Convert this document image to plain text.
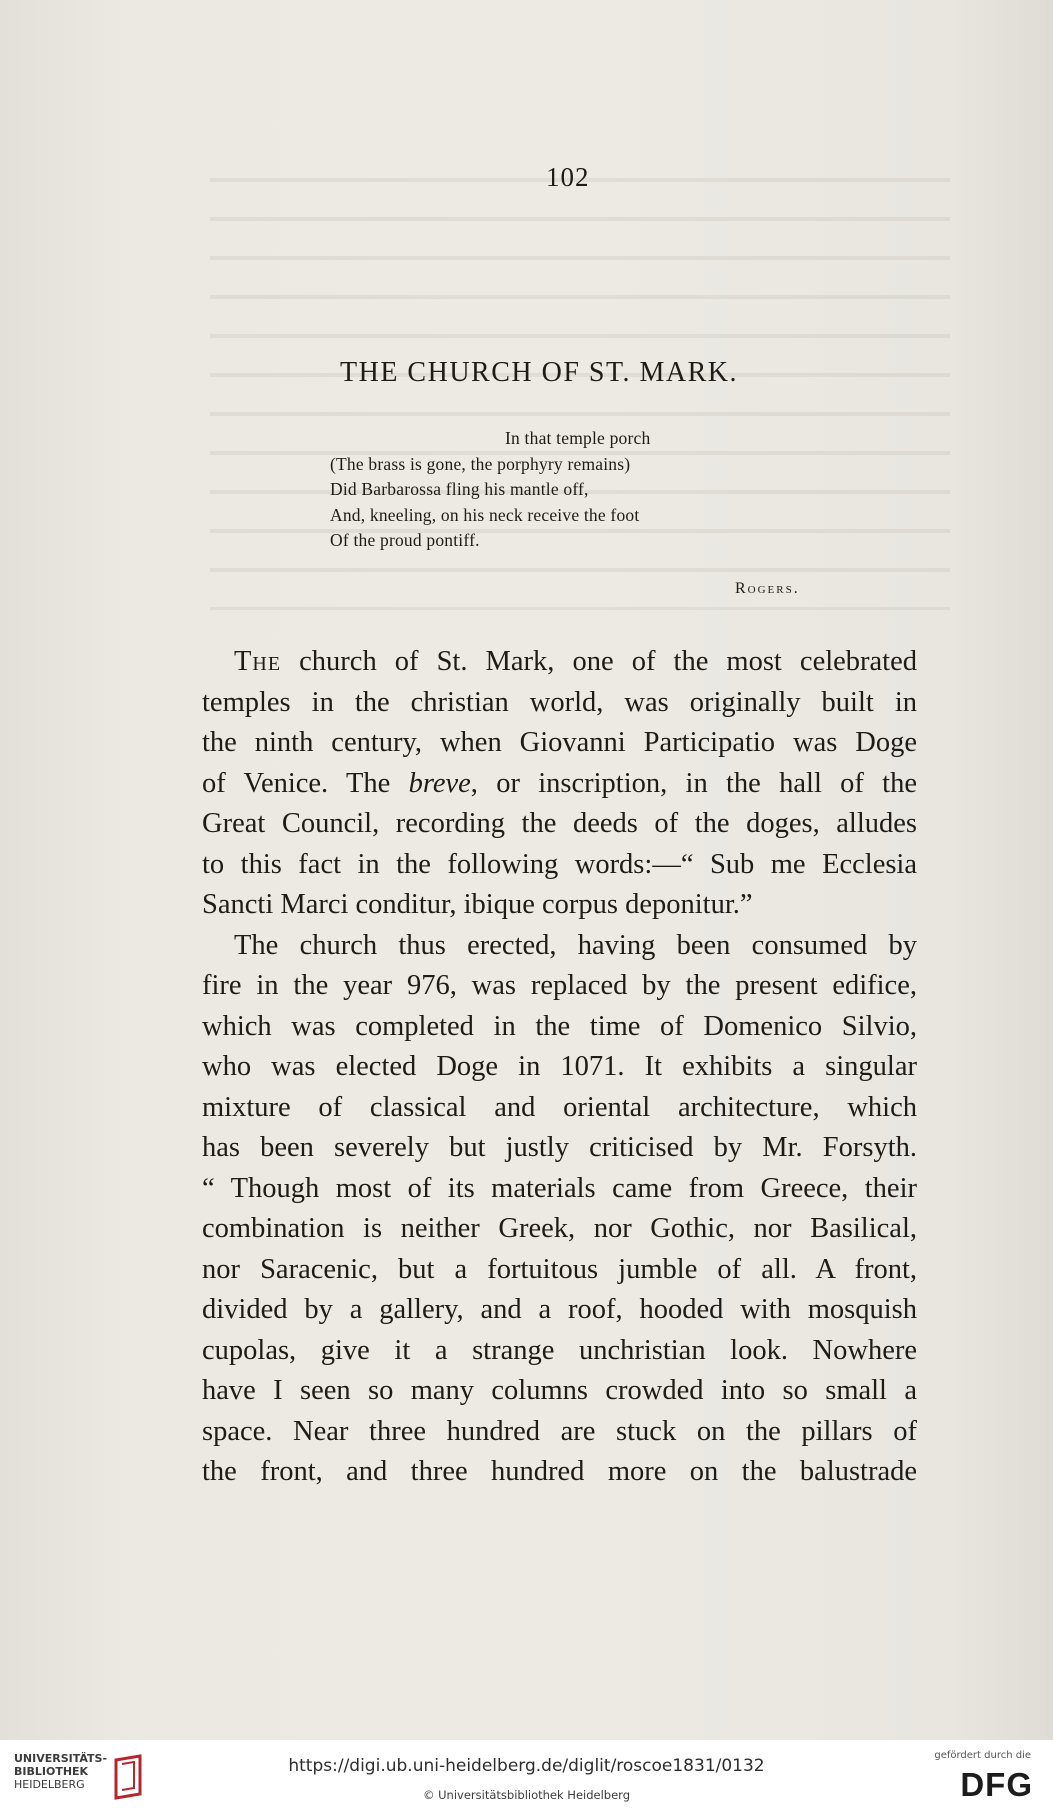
102
THE CHURCH OF ST. MARK.
In that temple porch
(The brass is gone, the porphyry remains)
Did Barbarossa fling his mantle off,
And, kneeling, on his neck receive the foot
Of the proud pontiff.
Rogers.
The church of St. Mark, one of the most celebrated
temples in the christian world, was originally built in
the ninth century, when Giovanni Participatio was Doge
of Venice. The breve, or inscription, in the hall of the
Great Council, recording the deeds of the doges, alludes
to this fact in the following words:—“ Sub me Ecclesia
Sancti Marci conditur, ibique corpus deponitur.”
The church thus erected, having been consumed by
fire in the year 976, was replaced by the present edifice,
which was completed in the time of Domenico Silvio,
who was elected Doge in 1071. It exhibits a singular
mixture of classical and oriental architecture, which
has been severely but justly criticised by Mr. Forsyth.
“ Though most of its materials came from Greece, their
combination is neither Greek, nor Gothic, nor Basilical,
nor Saracenic, but a fortuitous jumble of all. A front,
divided by a gallery, and a roof, hooded with mosquish
cupolas, give it a strange unchristian look. Nowhere
have I seen so many columns crowded into so small a
space. Near three hundred are stuck on the pillars of
the front, and three hundred more on the balustrade
UNIVERSITÄTS-
BIBLIOTHEK
HEIDELBERG
https://digi.ub.uni-heidelberg.de/diglit/roscoe1831/0132
© Universitätsbibliothek Heidelberg
gefördert durch die
DFG
